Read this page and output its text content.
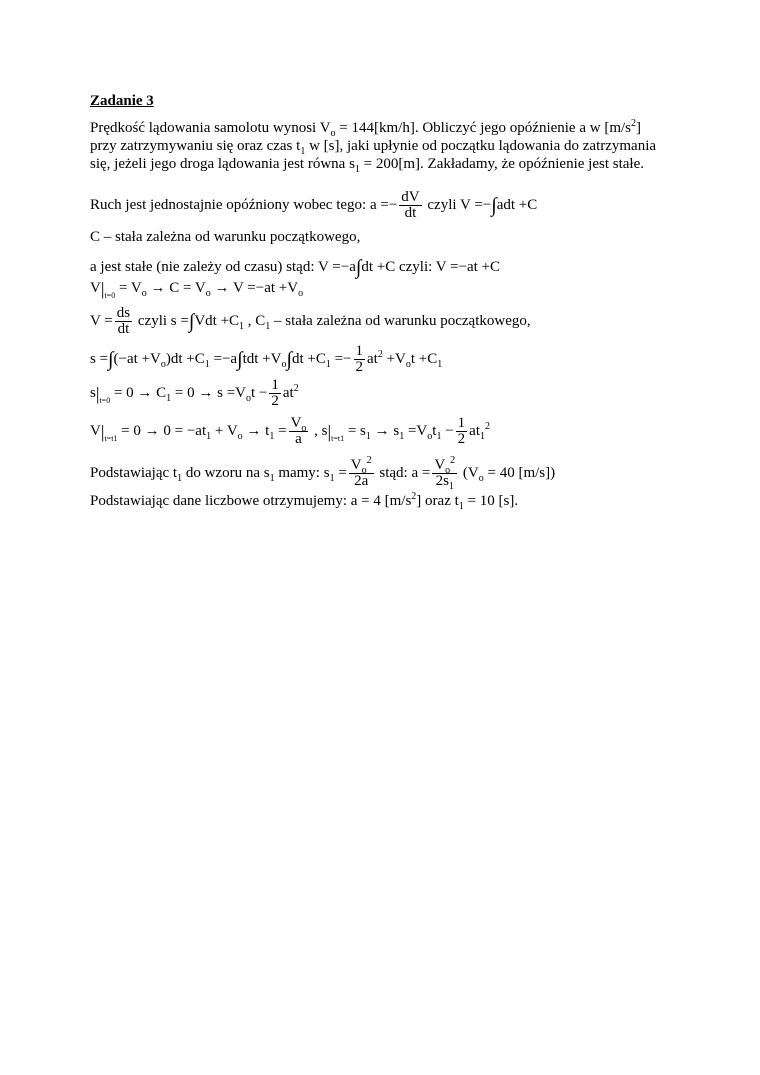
Zadanie 3
Prędkość lądowania samolotu wynosi $V_o = 144[km/h]$. Obliczyć jego opóźnienie a w $[m/s^2]$
przy zatrzymywaniu się oraz czas $t_1$ w [s], jaki upłynie od początku lądowania do zatrzymania
się, jeżeli jego droga lądowania jest równa $s_1 = 200[m]$. Zakładamy, że opóźnienie jest stałe.
Ruch jest jednostajnie opóźniony wobec tego: $a =- \frac{dV}{dt}$ czyli V =−∫adt +C
C – stała zależna od warunku początkowego,
a jest stałe (nie zależy od czasu) stąd: V =−a∫dt +C czyli: V =−at +C
$V|_{t=0} = V_o \to C = V_o \to V =-at +V_o$
$V = \frac{ds}{dt}$ czyli $s =\int Vdt +C_1$ , $C_1$ – stała zależna od warunku początkowego,
$s =\int(-at +V_o)dt +C_1 =-a\int tdt +V_o\int dt +C_1 =- \frac{1}{2} at^2 +V_ot +C_1$
$s|_{t=0} = 0 \to C_1 = 0 \to s =V_ot - \frac{1}{2} at^2$
$V|_{t=t1} = 0 \to 0 = -at_1 + V_o \to t_1 = \frac{V_o}{a}$ , $s|_{t=t1} = s_1 \to s_1 =V_ot_1 - \frac{1}{2} at_1^2$
Podstawiając $t_1$ do wzoru na $s_1$ mamy: $s_1 = \frac{V_o^2}{2a}$ stąd: $a = \frac{V_o^2}{2s_1} (V_o = 40$ [m/s])
Podstawiając dane liczbowe otrzymujemy: a = 4 $[m/s^2]$ oraz $t_1 = 10$ [s].
